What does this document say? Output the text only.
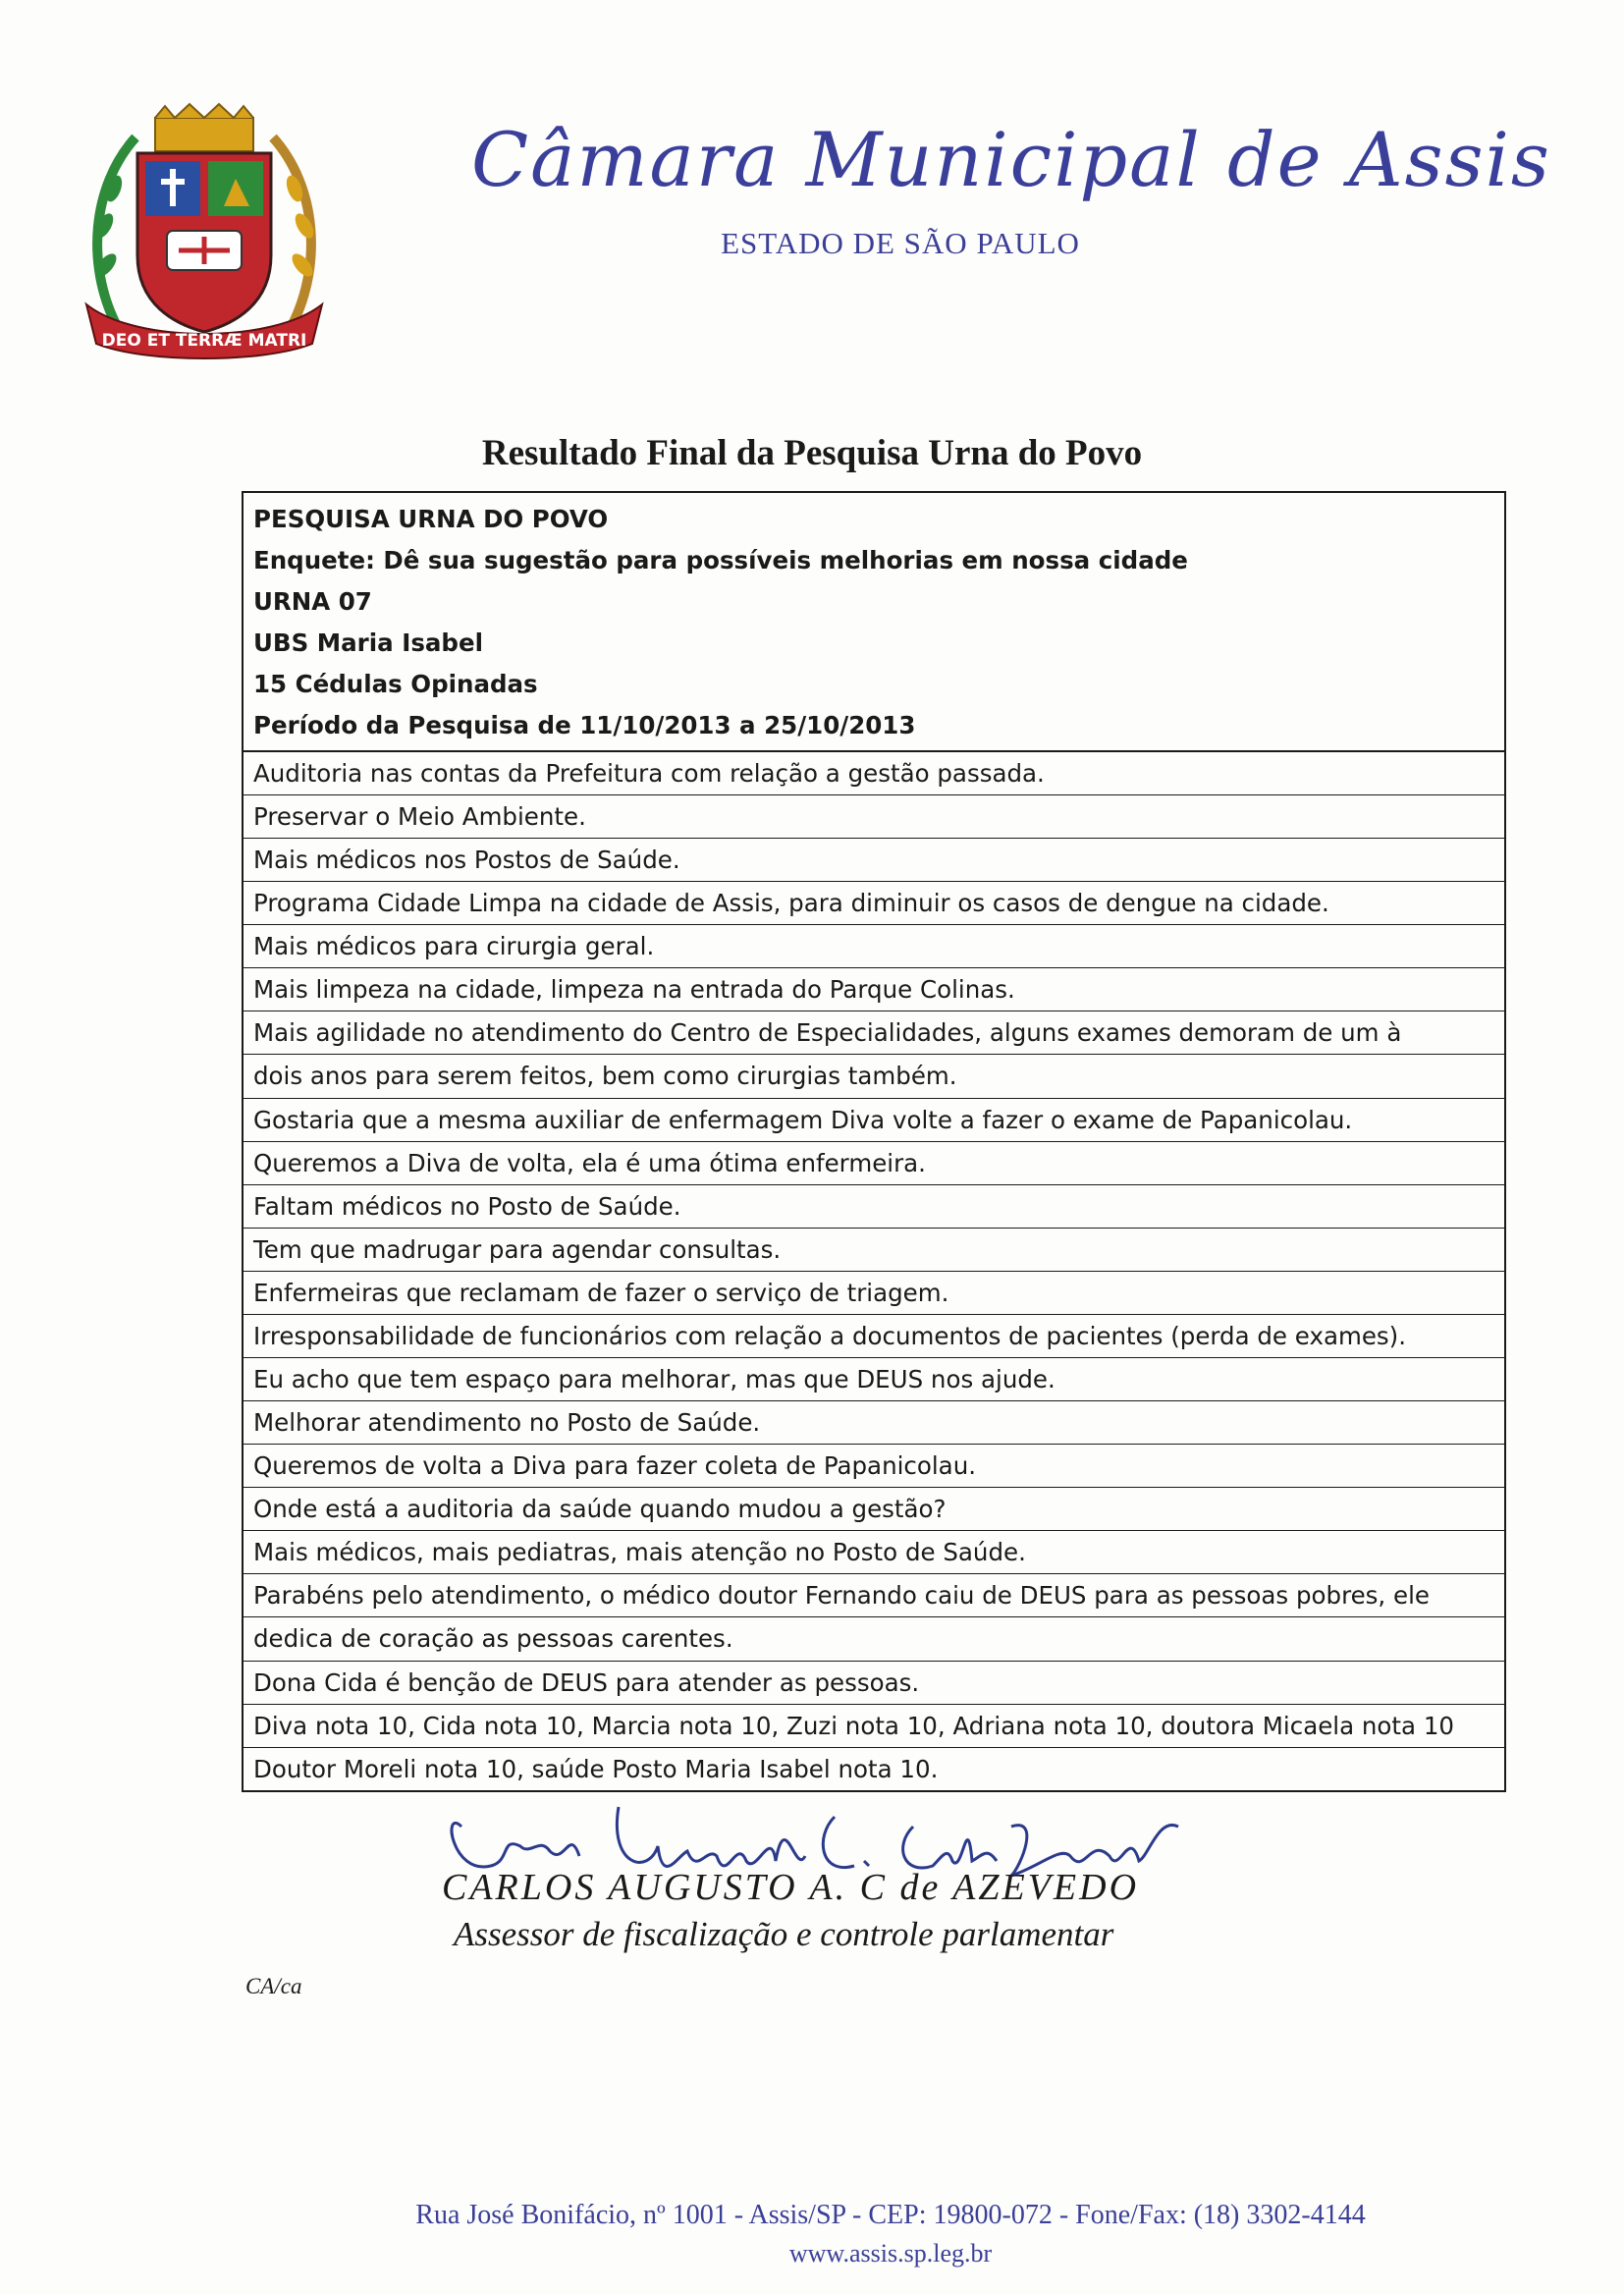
DEO ET TERRÆ MATRI
Câmara Municipal de Assis
ESTADO DE SÃO PAULO
Resultado Final da Pesquisa Urna do Povo
PESQUISA URNA DO POVO
Enquete: Dê sua sugestão para possíveis melhorias em nossa cidade
URNA 07
UBS Maria Isabel
15 Cédulas Opinadas
Período da Pesquisa de 11/10/2013 a 25/10/2013
Auditoria nas contas da Prefeitura com relação a gestão passada.
Preservar o Meio Ambiente.
Mais médicos nos Postos de Saúde.
Programa Cidade Limpa na cidade de Assis, para diminuir os casos de dengue na cidade.
Mais médicos para cirurgia geral.
Mais limpeza na cidade, limpeza na entrada do Parque Colinas.
Mais agilidade no atendimento do Centro de Especialidades, alguns exames demoram de um à
dois anos para serem feitos, bem como cirurgias também.
Gostaria que a mesma auxiliar de enfermagem Diva volte a fazer o exame de Papanicolau.
Queremos a Diva de volta, ela é uma ótima enfermeira.
Faltam médicos no Posto de Saúde.
Tem que madrugar para agendar consultas.
Enfermeiras que reclamam de fazer o serviço de triagem.
Irresponsabilidade de funcionários com relação a documentos de pacientes (perda de exames).
Eu acho que tem espaço para melhorar, mas que DEUS nos ajude.
Melhorar atendimento no Posto de Saúde.
Queremos de volta a Diva para fazer coleta de Papanicolau.
Onde está a auditoria da saúde quando mudou a gestão?
Mais médicos, mais pediatras, mais atenção no Posto de Saúde.
Parabéns pelo atendimento, o médico doutor Fernando caiu de DEUS para as pessoas pobres, ele
dedica de coração as pessoas carentes.
Dona Cida é benção de DEUS para atender as pessoas.
Diva nota 10, Cida nota 10, Marcia nota 10, Zuzi nota 10, Adriana nota 10, doutora Micaela nota 10
Doutor Moreli nota 10, saúde Posto Maria Isabel nota 10.
CARLOS AUGUSTO A. C de AZEVEDO
Assessor de fiscalização e controle parlamentar
CA/ca
Rua José Bonifácio, nº 1001 - Assis/SP - CEP: 19800-072 - Fone/Fax: (18) 3302-4144
www.assis.sp.leg.br
